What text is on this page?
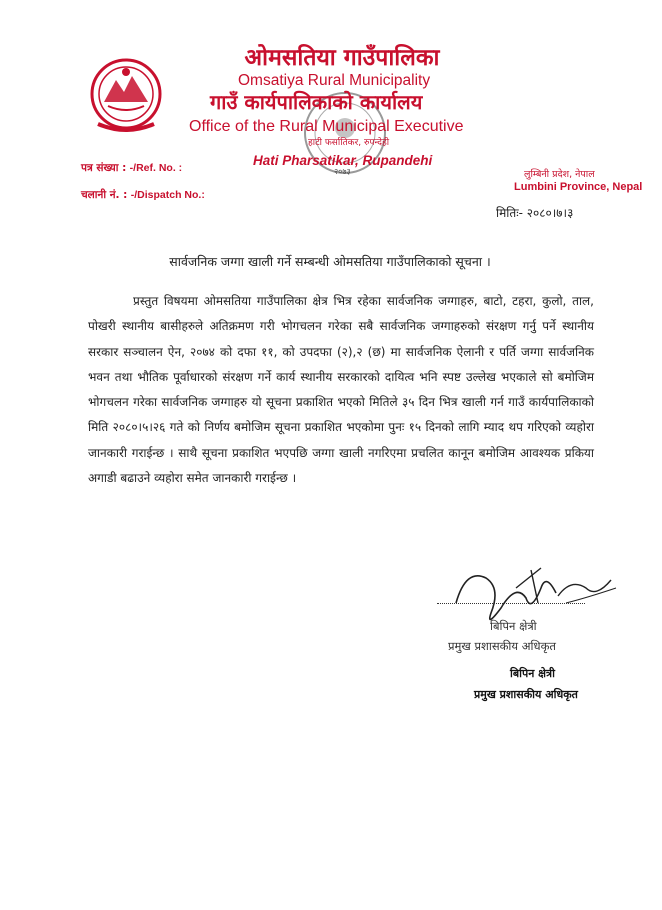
ओमसतिया गाउँपालिका
Omsatiya Rural Municipality
गाउँ कार्यपालिकाको कार्यालय
Office of the Rural Municipal Executive
हाटी फर्सातिकर, रुपन्देही
Hati Pharsatikar, Rupandehi
२०७३
पत्र संख्या : -/Ref. No. :
चलानी नं. : -/Dispatch No.:
लुम्बिनी प्रदेश, नेपाल
Lumbini Province, Nepal
मितिः- २०८०।७।३
सार्वजनिक जग्गा खाली गर्ने सम्बन्धी ओमसतिया गाउँपालिकाको सूचना ।
प्रस्तुत विषयमा ओमसतिया गाउँपालिका क्षेत्र भित्र रहेका सार्वजनिक जग्गाहरु, बाटो, टहरा, कुलो, ताल, पोखरी स्थानीय बासीहरुले अतिक्रमण गरी भोगचलन गरेका सबै सार्वजनिक जग्गाहरुको संरक्षण गर्नु पर्ने स्थानीय सरकार सञ्चालन ऐन, २०७४ को दफा ११, को उपदफा (२),२ (छ) मा सार्वजनिक ऐलानी र पर्ति जग्गा सार्वजनिक भवन तथा भौतिक पूर्वाधारको संरक्षण गर्ने कार्य स्थानीय सरकारको दायित्व भनि स्पष्ट उल्लेख भएकाले सो बमोजिम भोगचलन गरेका सार्वजनिक जग्गाहरु यो सूचना प्रकाशित भएको मितिले ३५ दिन भित्र खाली गर्न गाउँ कार्यपालिकाको मिति २०८०।५।२६ गते को निर्णय बमोजिम सूचना प्रकाशित भएकोमा पुनः १५ दिनको लागि म्याद थप गरिएको व्यहोरा जानकारी गराईन्छ । साथै सूचना प्रकाशित भएपछि जग्गा खाली नगरिएमा प्रचलित कानून बमोजिम आवश्यक प्रकिया अगाडी बढाउने व्यहोरा समेत जानकारी गराईन्छ ।
बिपिन क्षेत्री
प्रमुख प्रशासकीय अधिकृत
बिपिन क्षेत्री
प्रमुख प्रशासकीय अधिकृत
